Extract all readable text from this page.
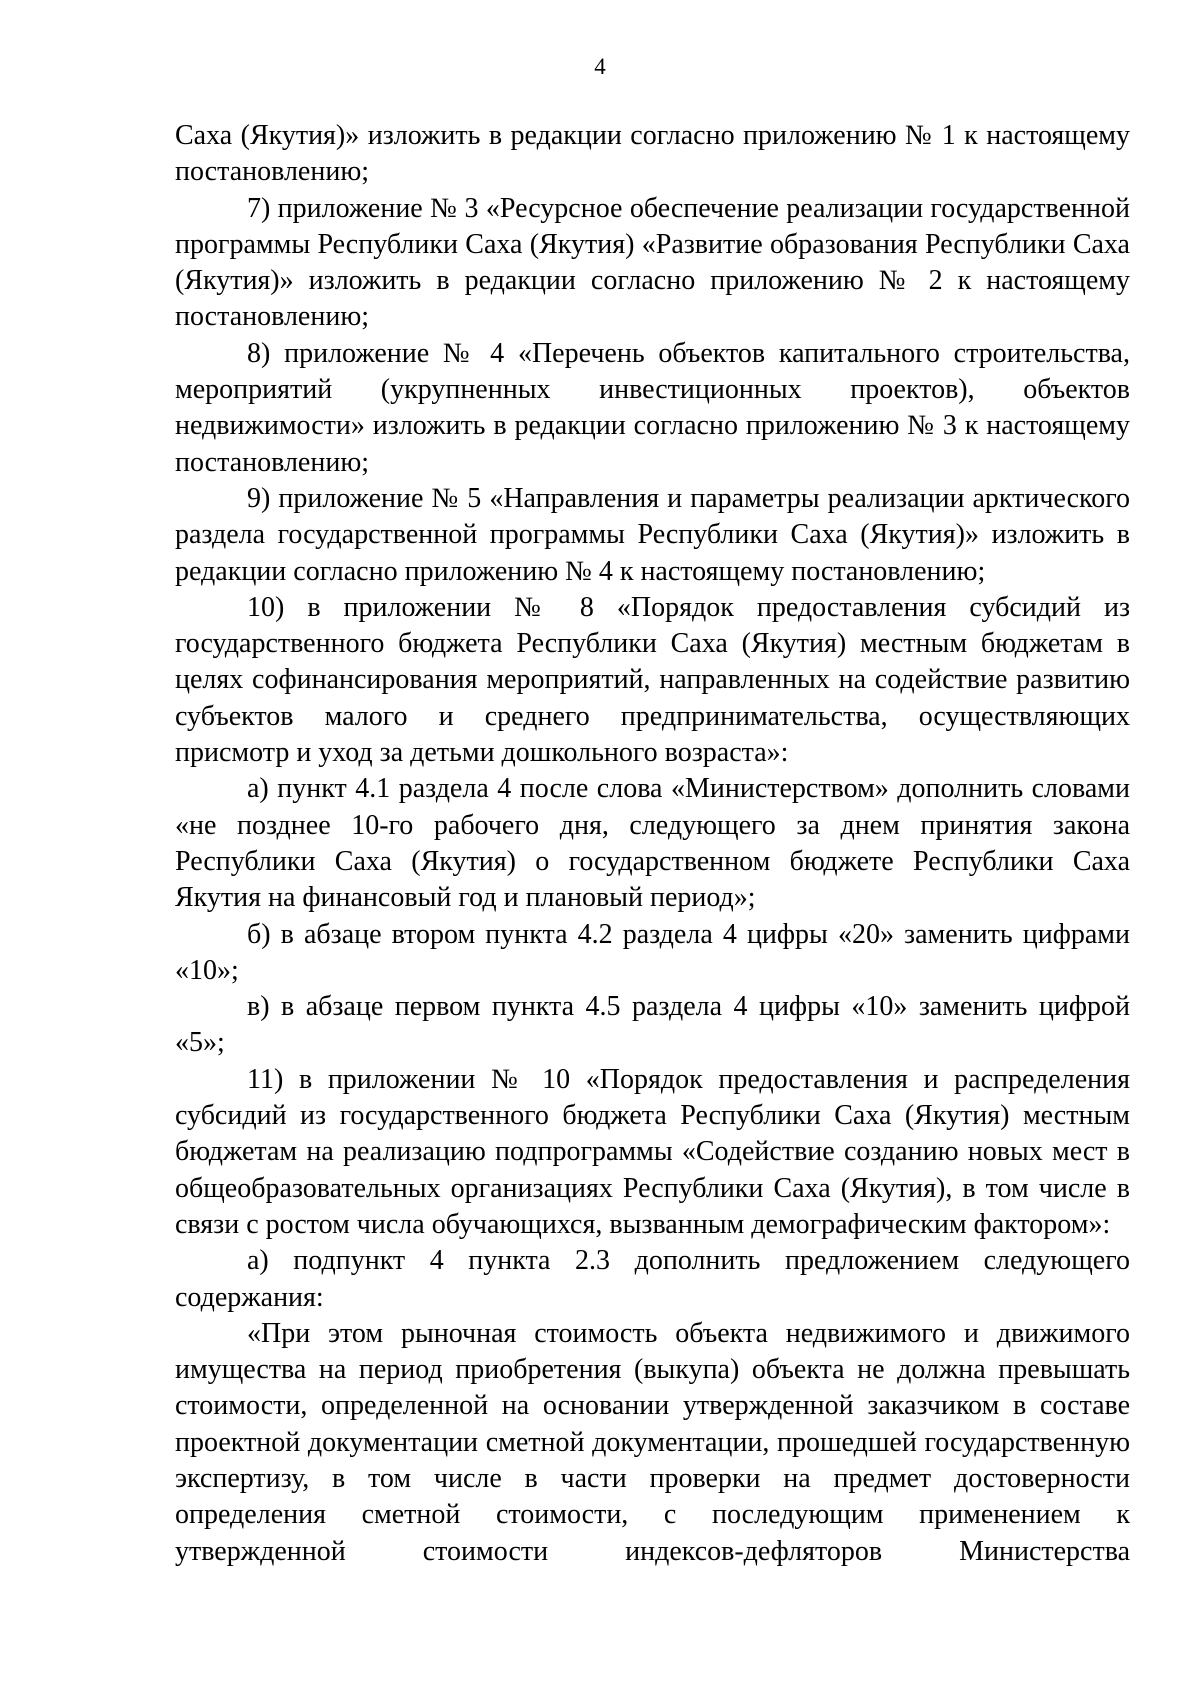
4

Саха (Якутия)» изложить в редакции согласно приложению № 1 к настоящему постановлению;

7) приложение № 3 «Ресурсное обеспечение реализации государственной программы Республики Саха (Якутия) «Развитие образования Республики Саха (Якутия)» изложить в редакции согласно приложению № 2 к настоящему постановлению;

8) приложение № 4 «Перечень объектов капитального строительства, мероприятий (укрупненных инвестиционных проектов), объектов недвижимости» изложить в редакции согласно приложению № 3 к настоящему постановлению;

9) приложение № 5 «Направления и параметры реализации арктического раздела государственной программы Республики Саха (Якутия)» изложить в редакции согласно приложению № 4 к настоящему постановлению;

10) в приложении № 8 «Порядок предоставления субсидий из государственного бюджета Республики Саха (Якутия) местным бюджетам в целях софинансирования мероприятий, направленных на содействие развитию субъектов малого и среднего предпринимательства, осуществляющих присмотр и уход за детьми дошкольного возраста»:

а) пункт 4.1 раздела 4 после слова «Министерством» дополнить словами «не позднее 10-го рабочего дня, следующего за днем принятия закона Республики Саха (Якутия) о государственном бюджете Республики Саха Якутия на финансовый год и плановый период»;

б) в абзаце втором пункта 4.2 раздела 4 цифры «20» заменить цифрами «10»;

в) в абзаце первом пункта 4.5 раздела 4 цифры «10» заменить цифрой «5»;

11) в приложении № 10 «Порядок предоставления и распределения субсидий из государственного бюджета Республики Саха (Якутия) местным бюджетам на реализацию подпрограммы «Содействие созданию новых мест в общеобразовательных организациях Республики Саха (Якутия), в том числе в связи с ростом числа обучающихся, вызванным демографическим фактором»:

а) подпункт 4 пункта 2.3 дополнить предложением следующего содержания:

«При этом рыночная стоимость объекта недвижимого и движимого имущества на период приобретения (выкупа) объекта не должна превышать стоимости, определенной на основании утвержденной заказчиком в составе проектной документации сметной документации, прошедшей государственную экспертизу, в том числе в части проверки на предмет достоверности определения сметной стоимости, с последующим применением к утвержденной стоимости индексов-дефляторов Министерства
